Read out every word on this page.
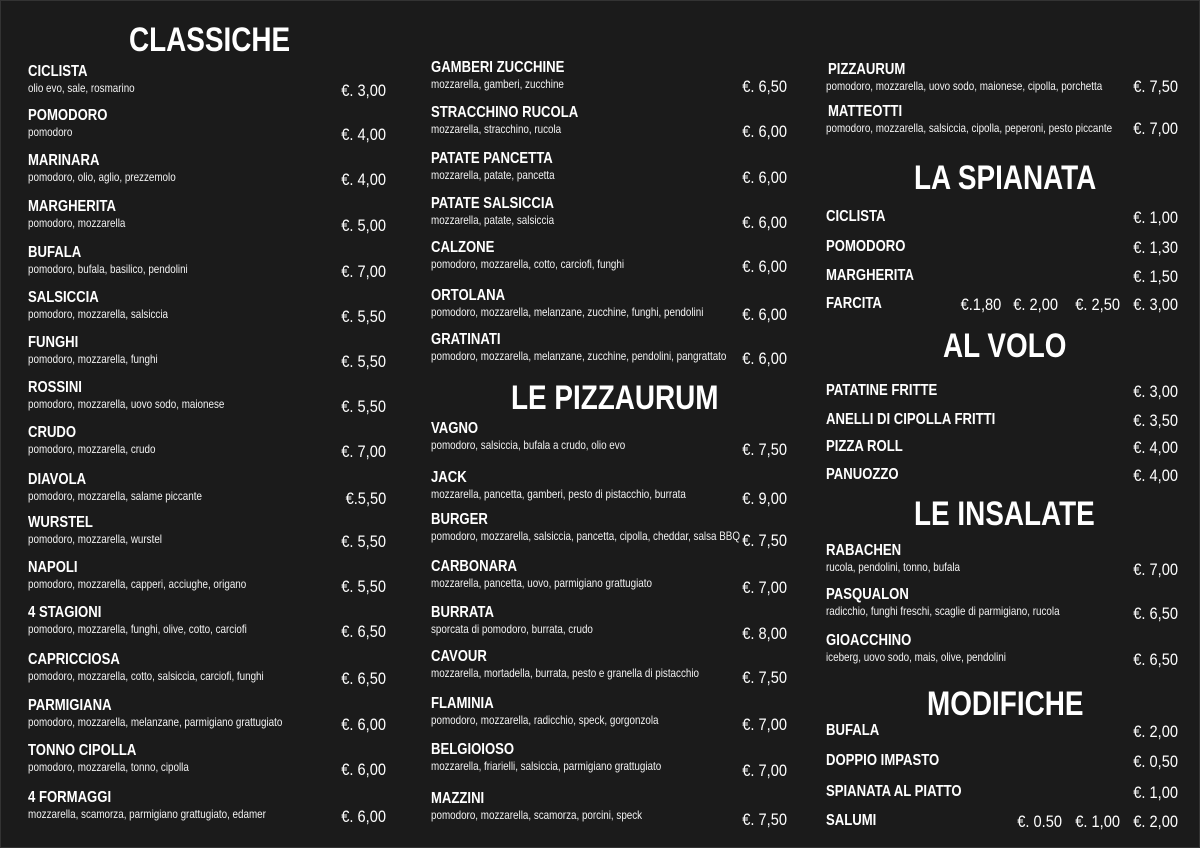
CLASSICHE
CICLISTA
olio evo, sale, rosmarino	€. 3,00
POMODORO
pomodoro	€. 4,00
MARINARA
pomodoro, olio, aglio, prezzemolo	€. 4,00
MARGHERITA
pomodoro, mozzarella	€. 5,00
BUFALA
pomodoro, bufala, basilico, pendolini	€. 7,00
SALSICCIA
pomodoro, mozzarella, salsiccia	€. 5,50
FUNGHI
pomodoro, mozzarella, funghi	€. 5,50
ROSSINI
pomodoro, mozzarella, uovo sodo, maionese	€. 5,50
CRUDO
pomodoro, mozzarella, crudo	€. 7,00
DIAVOLA
pomodoro, mozzarella, salame piccante	€.5,50
WURSTEL
pomodoro, mozzarella, wurstel	€. 5,50
NAPOLI
pomodoro, mozzarella, capperi, acciughe, origano	€. 5,50
4 STAGIONI
pomodoro, mozzarella, funghi, olive, cotto, carciofi	€. 6,50
CAPRICCIOSA
pomodoro, mozzarella, cotto, salsiccia, carciofi, funghi	€. 6,50
PARMIGIANA
pomodoro, mozzarella, melanzane, parmigiano grattugiato	€. 6,00
TONNO CIPOLLA
pomodoro, mozzarella, tonno, cipolla	€. 6,00
4 FORMAGGI
mozzarella, scamorza, parmigiano grattugiato, edamer	€. 6,00
GAMBERI ZUCCHINE
mozzarella, gamberi, zucchine	€. 6,50
STRACCHINO RUCOLA
mozzarella, stracchino, rucola	€. 6,00
PATATE PANCETTA
mozzarella, patate, pancetta	€. 6,00
PATATE SALSICCIA
mozzarella, patate, salsiccia	€. 6,00
CALZONE
pomodoro, mozzarella, cotto, carciofi, funghi	€. 6,00
ORTOLANA
pomodoro, mozzarella, melanzane, zucchine, funghi, pendolini	€. 6,00
GRATINATI
pomodoro, mozzarella, melanzane, zucchine, pendolini, pangrattato €. 6,00
LE PIZZAURUM
VAGNO
pomodoro, salsiccia, bufala a crudo, olio evo	€. 7,50
JACK
mozzarella, pancetta, gamberi, pesto di pistacchio, burrata	€. 9,00
BURGER
pomodoro, mozzarella, salsiccia, pancetta, cipolla, cheddar, salsa BBQ €. 7,50
CARBONARA
mozzarella, pancetta, uovo, parmigiano grattugiato	€. 7,00
BURRATA
sporcata di pomodoro, burrata, crudo	€. 8,00
CAVOUR
mozzarella, mortadella, burrata, pesto e granella di pistacchio	€. 7,50
FLAMINIA
pomodoro, mozzarella, radicchio, speck, gorgonzola	€. 7,00
BELGIOIOSO
mozzarella, friarielli, salsiccia, parmigiano grattugiato	€. 7,00
MAZZINI
pomodoro, mozzarella, scamorza, porcini, speck	€. 7,50
PIZZAURUM
pomodoro, mozzarella, uovo sodo, maionese, cipolla, porchetta	€. 7,50
MATTEOTTI
pomodoro, mozzarella, salsiccia, cipolla, peperoni, pesto piccante	€. 7,00
LA SPIANATA
CICLISTA	€. 1,00
POMODORO	€. 1,30
MARGHERITA	€. 1,50
FARCITA	€.1,80 €. 2,00 €. 2,50 €. 3,00
AL VOLO
PATATINE FRITTE	€. 3,00
ANELLI DI CIPOLLA FRITTI	€. 3,50
PIZZA ROLL	€. 4,00
PANUOZZO	€. 4,00
LE INSALATE
RABACHEN
rucola, pendolini, tonno, bufala	€. 7,00
PASQUALON
radicchio, funghi freschi, scaglie di parmigiano, rucola	€. 6,50
GIOACCHINO
iceberg, uovo sodo, mais, olive, pendolini	€. 6,50
MODIFICHE
BUFALA	€. 2,00
DOPPIO IMPASTO	€. 0,50
SPIANATA AL PIATTO	€. 1,00
SALUMI	€. 0.50 €. 1,00 €. 2,00
